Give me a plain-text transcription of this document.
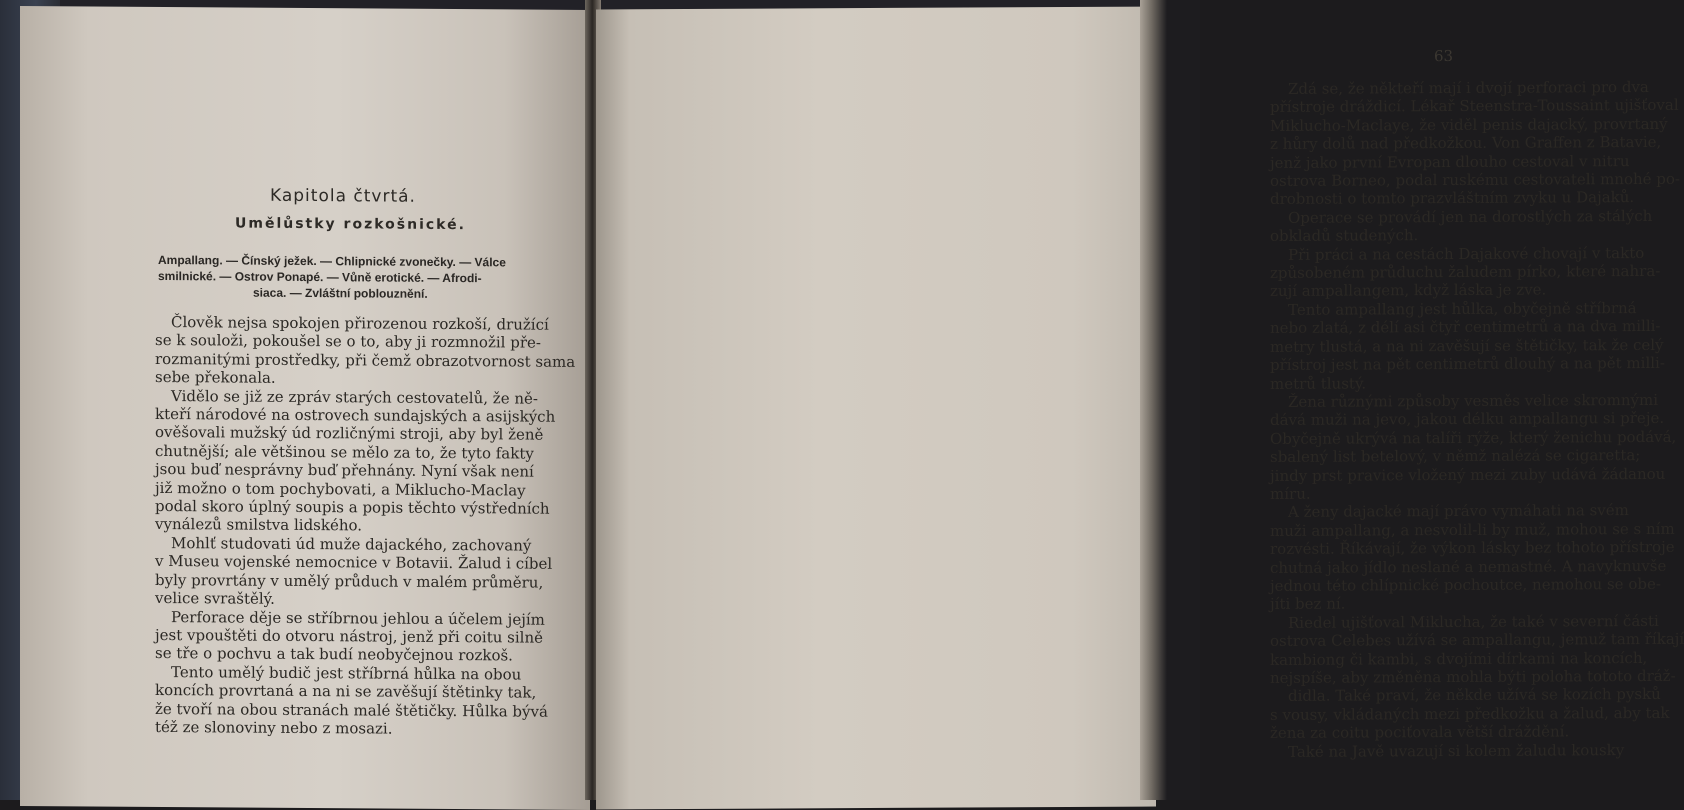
Kapitola čtvrtá.
Umělůstky rozkošnické.
Ampallang. — Čínský ježek. — Chlipnické zvonečky. — Válce
smilnické. — Ostrov Ponapé. — Vůně erotické. — Afrodi-
siaca. — Zvláštní poblouznění.
Člověk nejsa spokojen přirozenou rozkoší, družící
se k souloži, pokoušel se o to, aby ji rozmnožil pře-
rozmanitými prostředky, při čemž obrazotvornost sama
sebe překonala.
Vidělo se již ze zpráv starých cestovatelů, že ně-
kteří národové na ostrovech sundajských a asijských
ověšovali mužský úd rozličnými stroji, aby byl ženě
chutnější; ale většinou se mělo za to, že tyto fakty
jsou buď nesprávny buď přehnány. Nyní však není
již možno o tom pochybovati, a Miklucho-Maclay
podal skoro úplný soupis a popis těchto výstředních
vynálezů smilstva lidského.
Mohlť studovati úd muže dajackého, zachovaný
v Museu vojenské nemocnice v Botavii. Žalud i cíbel
byly provrtány v umělý průduch v malém průměru,
velice svraštělý.
Perforace děje se stříbrnou jehlou a účelem jejím
jest vpouštěti do otvoru nástroj, jenž při coitu silně
se tře o pochvu a tak budí neobyčejnou rozkoš.
Tento umělý budič jest stříbrná hůlka na obou
koncích provrtaná a na ni se zavěšují štětinky tak,
že tvoří na obou stranách malé štětičky. Hůlka bývá
též ze slonoviny nebo z mosazi.
63
Zdá se, že někteří mají i dvojí perforaci pro dva
přístroje dráždicí. Lékař Steenstra-Toussaint ujišťoval
Miklucho-Maclaye, že viděl penis dajacký, provrtaný
z hůry dolů nad předkožkou. Von Graffen z Batavie,
jenž jako první Evropan dlouho cestoval v nitru
ostrova Borneo, podal ruskému cestovateli mnohé po-
drobnosti o tomto prazvláštním zvyku u Dajaků.
Operace se provádí jen na dorostlých za stálých
obkladů studených.
Při práci a na cestách Dajakové chovají v takto
způsobeném průduchu žaludem pírko, které nahra-
zují ampallangem, když láska je zve.
Tento ampallang jest hůlka, obyčejně stříbrná
nebo zlatá, z délí asi čtyř centimetrů a na dva milli-
metry tlustá, a na ni zavěšují se štětičky, tak že celý
přístroj jest na pět centimetrů dlouhý a na pět milli-
metrů tlustý.
Žena různými způsoby vesměs velice skromnými
dává muži na jevo, jakou délku ampallangu si přeje.
Obyčejně ukrývá na talíři rýže, který ženichu podává,
sbalený list betelový, v němž nalézá se cigaretta;
jindy prst pravice vložený mezi zuby udává žádanou
míru.
A ženy dajacké mají právo vymáhati na svém
muži ampallang, a nesvolil-li by muž, mohou se s ním
rozvésti. Říkávají, že výkon lásky bez tohoto přístroje
chutná jako jídlo neslané a nemastné. A navyknuvše
jednou této chlípnické pochoutce, nemohou se obe-
jíti bez ní.
Riedel ujišťoval Miklucha, že také v severní části
ostrova Celebes užívá se ampallangu, jemuž tam říkají
kambiong či kambi, s dvojími dírkami na koncích,
nejspíše, aby změněna mohla býti poloha tototo dráž-
didla. Také praví, že někde užívá se kozích pysků
s vousy, vkládaných mezi předkožku a žalud, aby tak
žena za coitu pociťovala větší dráždění.
Také na Javě uvazují si kolem žaludu kousky
